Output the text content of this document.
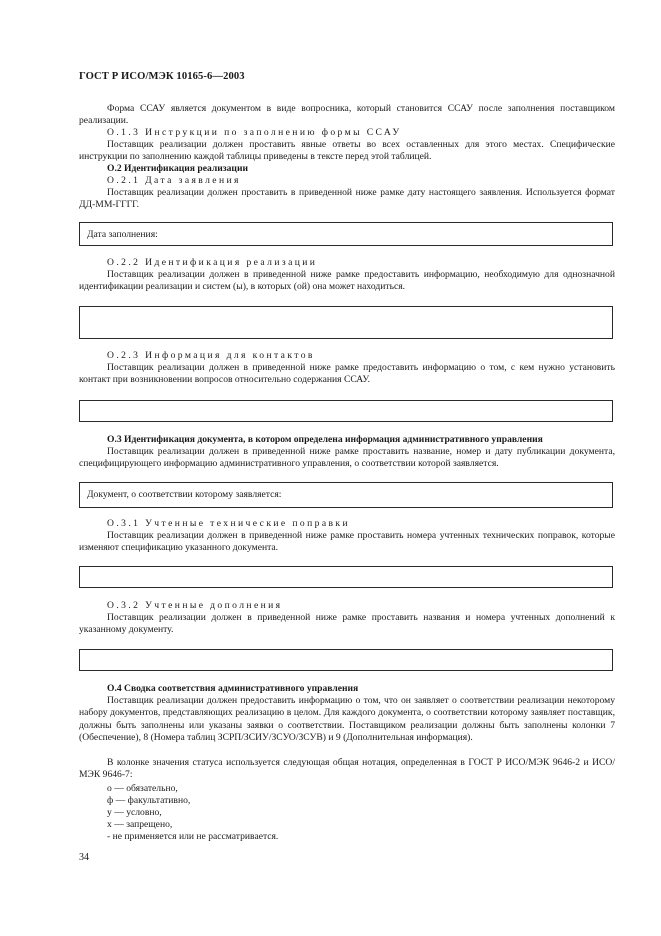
ГОСТ Р ИСО/МЭК 10165-6—2003
Форма ССАУ является документом в виде вопросника, который становится ССАУ после заполнения поставщиком реализации.
О.1.3 Инструкции по заполнению формы ССАУ
Поставщик реализации должен проставить явные ответы во всех оставленных для этого местах. Специфические инструкции по заполнению каждой таблицы приведены в тексте перед этой таблицей.
О.2 Идентификация реализации
О.2.1 Дата заявления
Поставщик реализации должен проставить в приведенной ниже рамке дату настоящего заявления. Используется формат ДД-ММ-ГГГГ.
Дата заполнения:
О.2.2 Идентификация реализации
Поставщик реализации должен в приведенной ниже рамке предоставить информацию, необходимую для однозначной идентификации реализации и систем (ы), в которых (ой) она может находиться.
О.2.3 Информация для контактов
Поставщик реализации должен в приведенной ниже рамке предоставить информацию о том, с кем нужно установить контакт при возникновении вопросов относительно содержания ССАУ.
О.3 Идентификация документа, в котором определена информация административного управления
Поставщик реализации должен в приведенной ниже рамке проставить название, номер и дату публикации документа, специфицирующего информацию административного управления, о соответствии которой заявляется.
Документ, о соответствии которому заявляется:
О.3.1 Учтенные технические поправки
Поставщик реализации должен в приведенной ниже рамке проставить номера учтенных технических поправок, которые изменяют спецификацию указанного документа.
О.3.2 Учтенные дополнения
Поставщик реализации должен в приведенной ниже рамке проставить названия и номера учтенных дополнений к указанному документу.
О.4 Сводка соответствия административного управления
Поставщик реализации должен предоставить информацию о том, что он заявляет о соответствии реализации некоторому набору документов, представляющих реализацию в целом. Для каждого документа, о соответствии которому заявляет поставщик, должны быть заполнены или указаны заявки о соответствии. Поставщиком реализации должны быть заполнены колонки 7 (Обеспечение), 8 (Номера таблиц ЗСРП/ЗСИУ/ЗСУО/ЗСУВ) и 9 (Дополнительная информация).
В колонке значения статуса используется следующая общая нотация, определенная в ГОСТ Р ИСО/МЭК 9646-2 и ИСО/МЭК 9646-7:
о — обязательно,
ф — факультативно,
у — условно,
х — запрещено,
- не применяется или не рассматривается.
34
